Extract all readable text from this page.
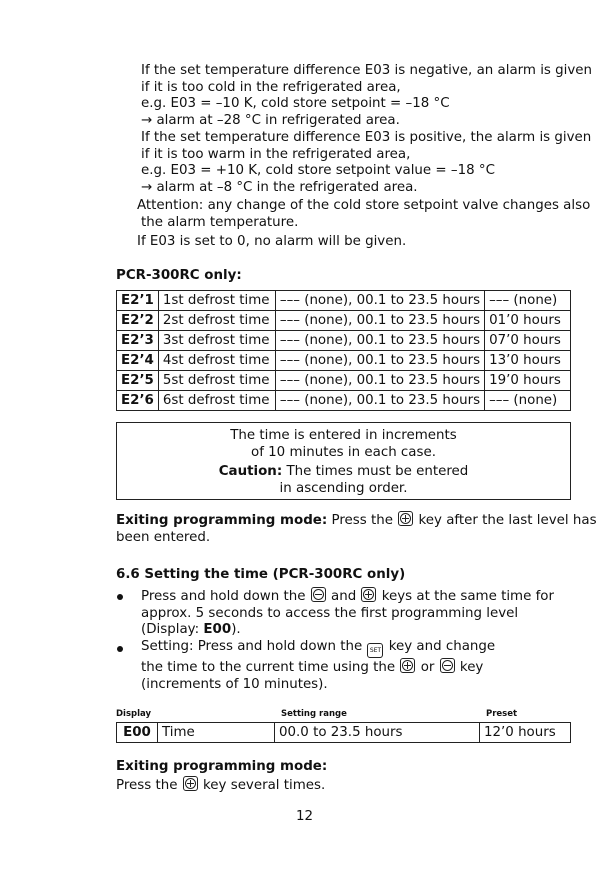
If the set temperature difference E03 is negative, an alarm is given
if it is too cold in the refrigerated area,
e.g. E03 = –10 K, cold store setpoint = –18 °C
→ alarm at –28 °C in refrigerated area.
If the set temperature difference E03 is positive, the alarm is given
if it is too warm in the refrigerated area,
e.g. E03 = +10 K, cold store setpoint value = –18 °C
→ alarm at –8 °C in the refrigerated area.
Attention: any change of the cold store setpoint valve changes also
the alarm temperature.
If E03 is set to 0, no alarm will be given.
PCR-300RC only:
E2’1	1st defrost time	––– (none), 00.1 to 23.5 hours	––– (none)
E2’2	2st defrost time	––– (none), 00.1 to 23.5 hours	01’0 hours
E2’3	3st defrost time	––– (none), 00.1 to 23.5 hours	07’0 hours
E2’4	4st defrost time	––– (none), 00.1 to 23.5 hours	13’0 hours
E2’5	5st defrost time	––– (none), 00.1 to 23.5 hours	19’0 hours
E2’6	6st defrost time	––– (none), 00.1 to 23.5 hours	––– (none)
The time is entered in increments
of 10 minutes in each case.
Caution: The times must be entered
in ascending order.
Exiting programming mode: Press the key after the last level has
been entered.
6.6 Setting the time (PCR-300RC only)
Press and hold down the and keys at the same time for
approx. 5 seconds to access the first programming level
(Display: E00).
Setting: Press and hold down the SET key and change
the time to the current time using the or key
(increments of 10 minutes).
Display	Setting range	Preset
E00	Time	00.0 to 23.5 hours	12’0 hours
Exiting programming mode:
Press the key several times.
12
